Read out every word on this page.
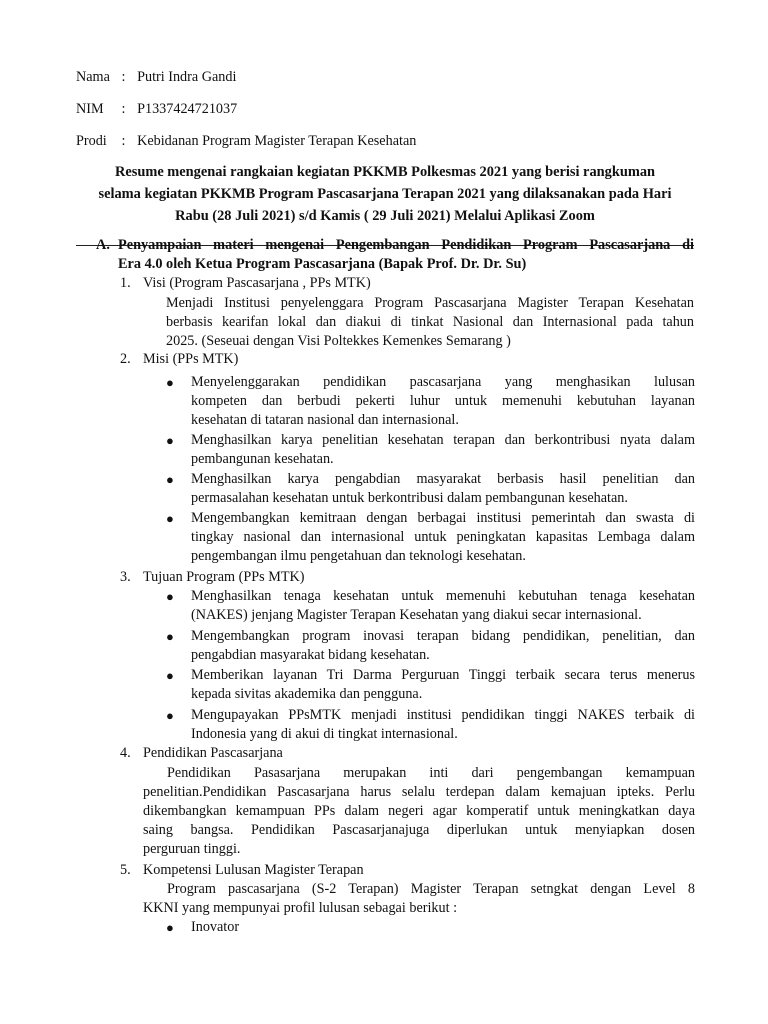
Nama : Putri Indra Gandi
NIM : P1337424721037
Prodi : Kebidanan Program Magister Terapan Kesehatan
Resume mengenai rangkaian kegiatan PKKMB Polkesmas 2021 yang berisi rangkuman
selama kegiatan PKKMB Program Pascasarjana Terapan 2021 yang dilaksanakan pada Hari
Rabu (28 Juli 2021) s/d Kamis ( 29 Juli 2021) Melalui Aplikasi Zoom
A. Penyampaian materi mengenai Pengembangan Pendidikan Program Pascasarjana di
Era 4.0 oleh Ketua Program Pascasarjana (Bapak Prof. Dr. Dr. Su)
1. Visi (Program Pascasarjana , PPs MTK)
Menjadi Institusi penyelenggara Program Pascasarjana Magister Terapan Kesehatan
berbasis kearifan lokal dan diakui di tinkat Nasional dan Internasional pada tahun
2025. (Seseuai dengan Visi Poltekkes Kemenkes Semarang )
2. Misi (PPs MTK)
●	Menyelenggarakan pendidikan pascasarjana yang menghasikan lulusan
kompeten dan berbudi pekerti luhur untuk memenuhi kebutuhan layanan
kesehatan di tataran nasional dan internasional.
●	Menghasilkan karya penelitian kesehatan terapan dan berkontribusi nyata dalam
pembangunan kesehatan.
●	Menghasilkan karya pengabdian masyarakat berbasis hasil penelitian dan
permasalahan kesehatan untuk berkontribusi dalam pembangunan kesehatan.
●	Mengembangkan kemitraan dengan berbagai institusi pemerintah dan swasta di
tingkay nasional dan internasional untuk peningkatan kapasitas Lembaga dalam
pengembangan ilmu pengetahuan dan teknologi kesehatan.
3. Tujuan Program (PPs MTK)
●	Menghasilkan tenaga kesehatan untuk memenuhi kebutuhan tenaga kesehatan
(NAKES) jenjang Magister Terapan Kesehatan yang diakui secar internasional.
●	Mengembangkan program inovasi terapan bidang pendidikan, penelitian, dan
pengabdian masyarakat bidang kesehatan.
●	Memberikan layanan Tri Darma Perguruan Tinggi terbaik secara terus menerus
kepada sivitas akademika dan pengguna.
●	Mengupayakan PPsMTK menjadi institusi pendidikan tinggi NAKES terbaik di
Indonesia yang di akui di tingkat internasional.
4. Pendidikan Pascasarjana
Pendidikan Pasasarjana merupakan inti dari pengembangan kemampuan
penelitian.Pendidikan Pascasarjana harus selalu terdepan dalam kemajuan ipteks. Perlu
dikembangkan kemampuan PPs dalam negeri agar komperatif untuk meningkatkan daya
saing bangsa. Pendidikan Pascasarjanajuga diperlukan untuk menyiapkan dosen
perguruan tinggi.
5. Kompetensi Lulusan Magister Terapan
Program pascasarjana (S-2 Terapan) Magister Terapan setngkat dengan Level 8
KKNI yang mempunyai profil lulusan sebagai berikut :
●	Inovator
